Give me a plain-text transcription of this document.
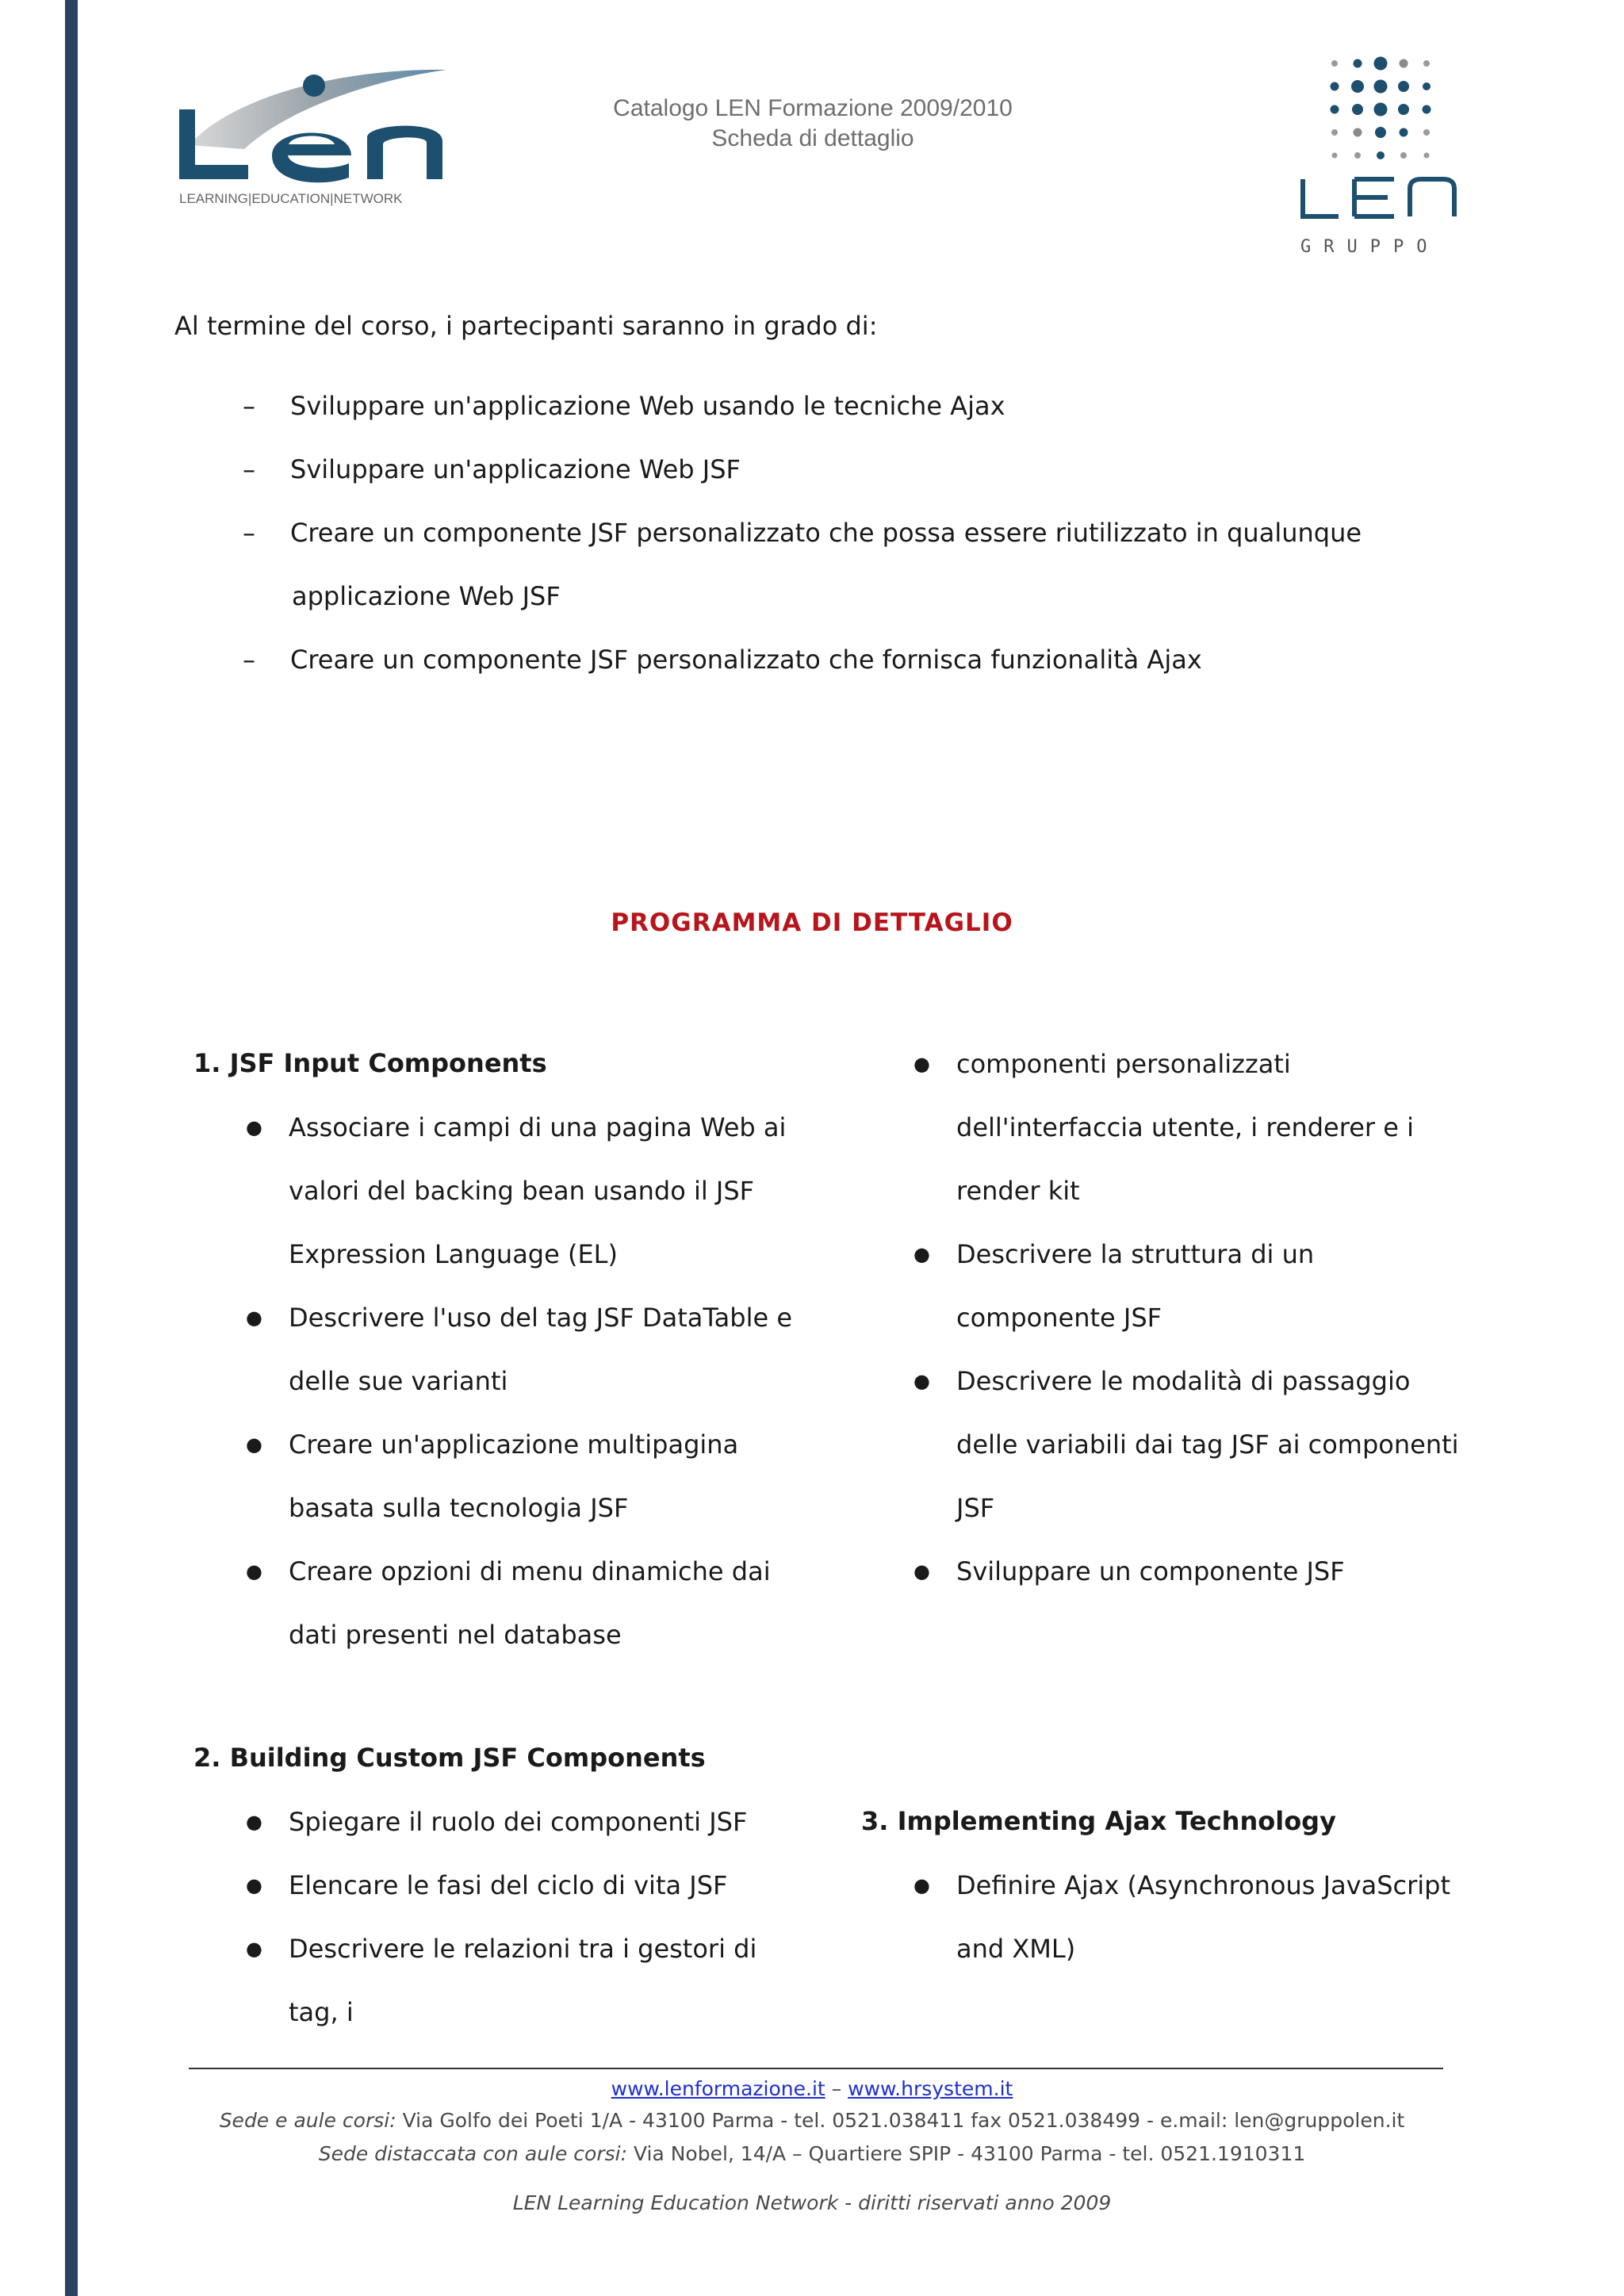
LEARNING|EDUCATION|NETWORK
Catalogo LEN Formazione 2009/2010
Scheda di dettaglio
GRUPPO
Al termine del corso, i partecipanti saranno in grado di:
– Sviluppare un'applicazione Web usando le tecniche Ajax
– Sviluppare un'applicazione Web JSF
– Creare un componente JSF personalizzato che possa essere riutilizzato in qualunque
applicazione Web JSF
– Creare un componente JSF personalizzato che fornisca funzionalità Ajax
PROGRAMMA DI DETTAGLIO
1. JSF Input Components
● Associare i campi di una pagina Web ai
valori del backing bean usando il JSF
Expression Language (EL)
● Descrivere l'uso del tag JSF DataTable e
delle sue varianti
● Creare un'applicazione multipagina
basata sulla tecnologia JSF
● Creare opzioni di menu dinamiche dai
dati presenti nel database
● componenti personalizzati
dell'interfaccia utente, i renderer e i
render kit
● Descrivere la struttura di un
componente JSF
● Descrivere le modalità di passaggio
delle variabili dai tag JSF ai componenti
JSF
● Sviluppare un componente JSF
2. Building Custom JSF Components
● Spiegare il ruolo dei componenti JSF
● Elencare le fasi del ciclo di vita JSF
● Descrivere le relazioni tra i gestori di
tag, i
3. Implementing Ajax Technology
● Definire Ajax (Asynchronous JavaScript
and XML)
www.lenformazione.it – www.hrsystem.it
Sede e aule corsi: Via Golfo dei Poeti 1/A - 43100 Parma - tel. 0521.038411 fax 0521.038499 - e.mail: len@gruppolen.it
Sede distaccata con aule corsi: Via Nobel, 14/A – Quartiere SPIP - 43100 Parma - tel. 0521.1910311
LEN Learning Education Network - diritti riservati anno 2009
